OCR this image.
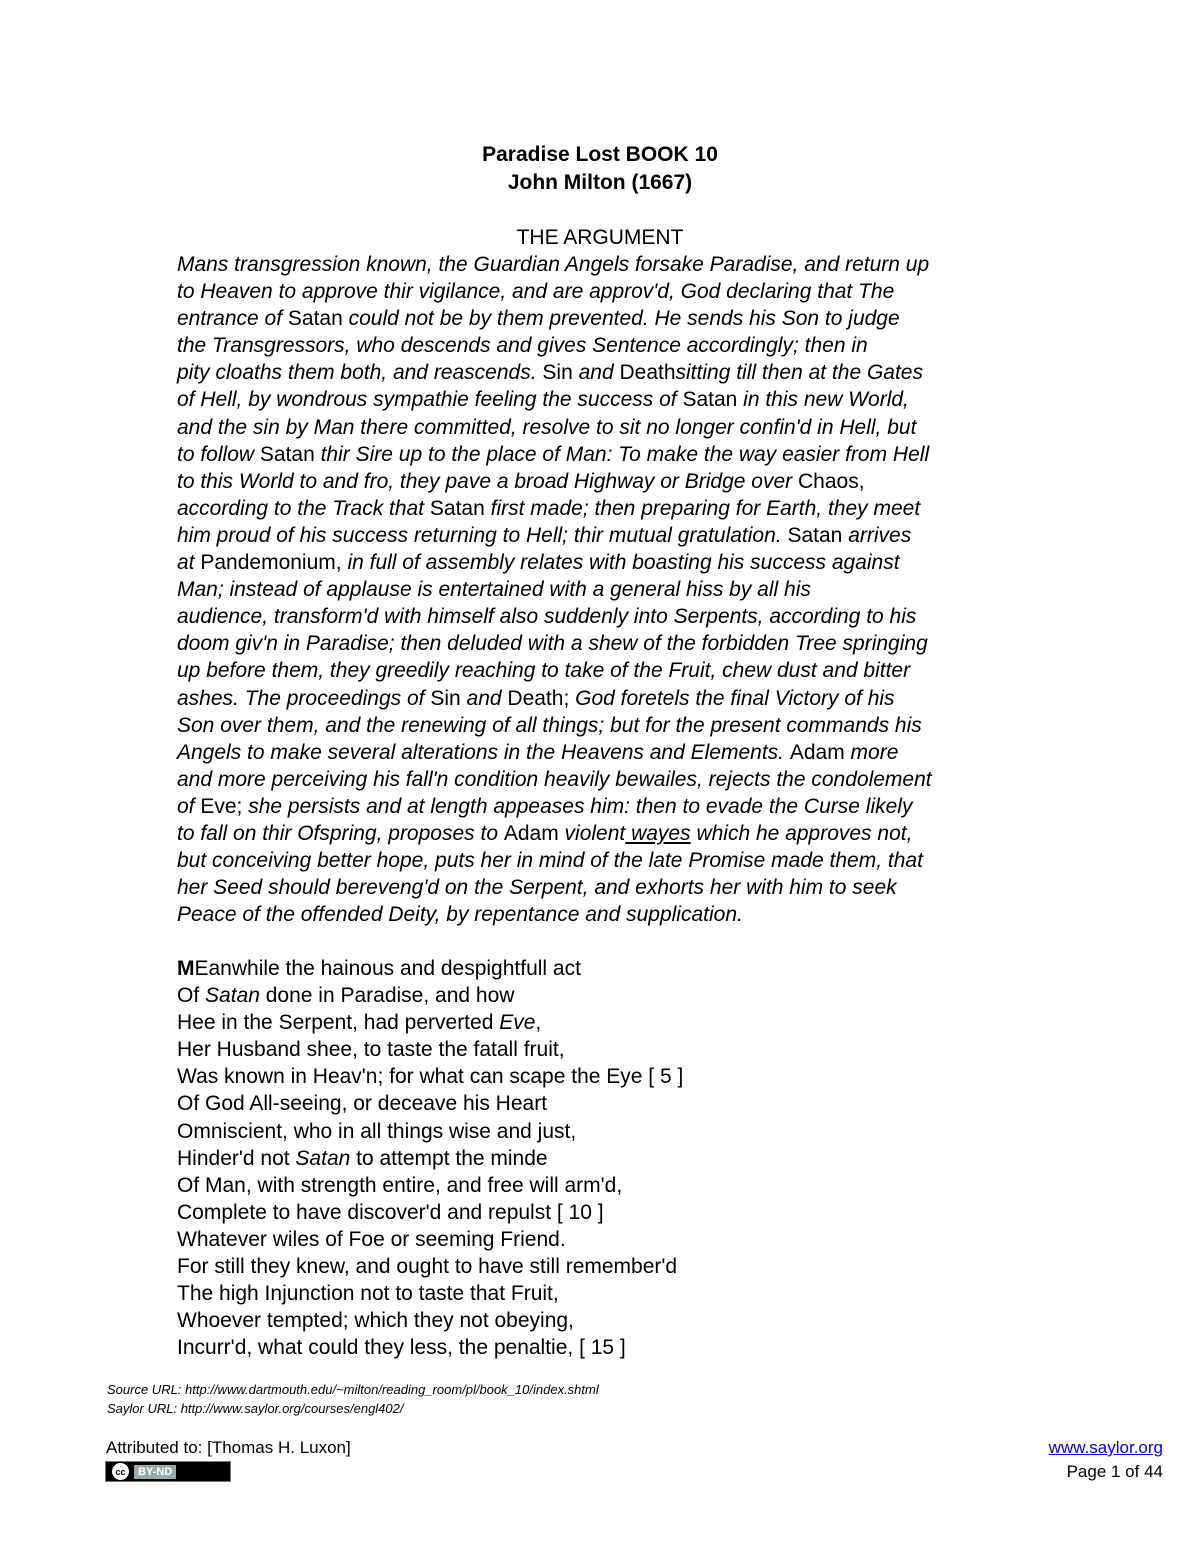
Paradise Lost BOOK 10
John Milton (1667)
THE ARGUMENT
Mans transgression known, the Guardian Angels forsake Paradise, and return up
to Heaven to approve thir vigilance, and are approv'd, God declaring that The
entrance of Satan could not be by them prevented. He sends his Son to judge
the Transgressors, who descends and gives Sentence accordingly; then in
pity cloaths them both, and reascends. Sin and Deathsitting till then at the Gates
of Hell, by wondrous sympathie feeling the success of Satan in this new World,
and the sin by Man there committed, resolve to sit no longer confin'd in Hell, but
to follow Satan thir Sire up to the place of Man: To make the way easier from Hell
to this World to and fro, they pave a broad Highway or Bridge over Chaos,
according to the Track that Satan first made; then preparing for Earth, they meet
him proud of his success returning to Hell; thir mutual gratulation. Satan arrives
at Pandemonium, in full of assembly relates with boasting his success against
Man; instead of applause is entertained with a general hiss by all his
audience, transform'd with himself also suddenly into Serpents, according to his
doom giv'n in Paradise; then deluded with a shew of the forbidden Tree springing
up before them, they greedily reaching to take of the Fruit, chew dust and bitter
ashes. The proceedings of Sin and Death; God foretels the final Victory of his
Son over them, and the renewing of all things; but for the present commands his
Angels to make several alterations in the Heavens and Elements. Adam more
and more perceiving his fall'n condition heavily bewailes, rejects the condolement
of Eve; she persists and at length appeases him: then to evade the Curse likely
to fall on thir Ofspring, proposes to Adam violent wayes which he approves not,
but conceiving better hope, puts her in mind of the late Promise made them, that
her Seed should bereveng'd on the Serpent, and exhorts her with him to seek
Peace of the offended Deity, by repentance and supplication.
MEanwhile the hainous and despightfull act
Of Satan done in Paradise, and how
Hee in the Serpent, had perverted Eve,
Her Husband shee, to taste the fatall fruit,
Was known in Heav'n; for what can scape the Eye [ 5 ]
Of God All-seeing, or deceave his Heart
Omniscient, who in all things wise and just,
Hinder'd not Satan to attempt the minde
Of Man, with strength entire, and free will arm'd,
Complete to have discover'd and repulst [ 10 ]
Whatever wiles of Foe or seeming Friend.
For still they knew, and ought to have still remember'd
The high Injunction not to taste that Fruit,
Whoever tempted; which they not obeying,
Incurr'd, what could they less, the penaltie, [ 15 ]
Source URL: http://www.dartmouth.edu/~milton/reading_room/pl/book_10/index.shtml
Saylor URL: http://www.saylor.org/courses/engl402/
Attributed to: [Thomas H. Luxon]
cc	BY-ND
www.saylor.org
Page 1 of 44
